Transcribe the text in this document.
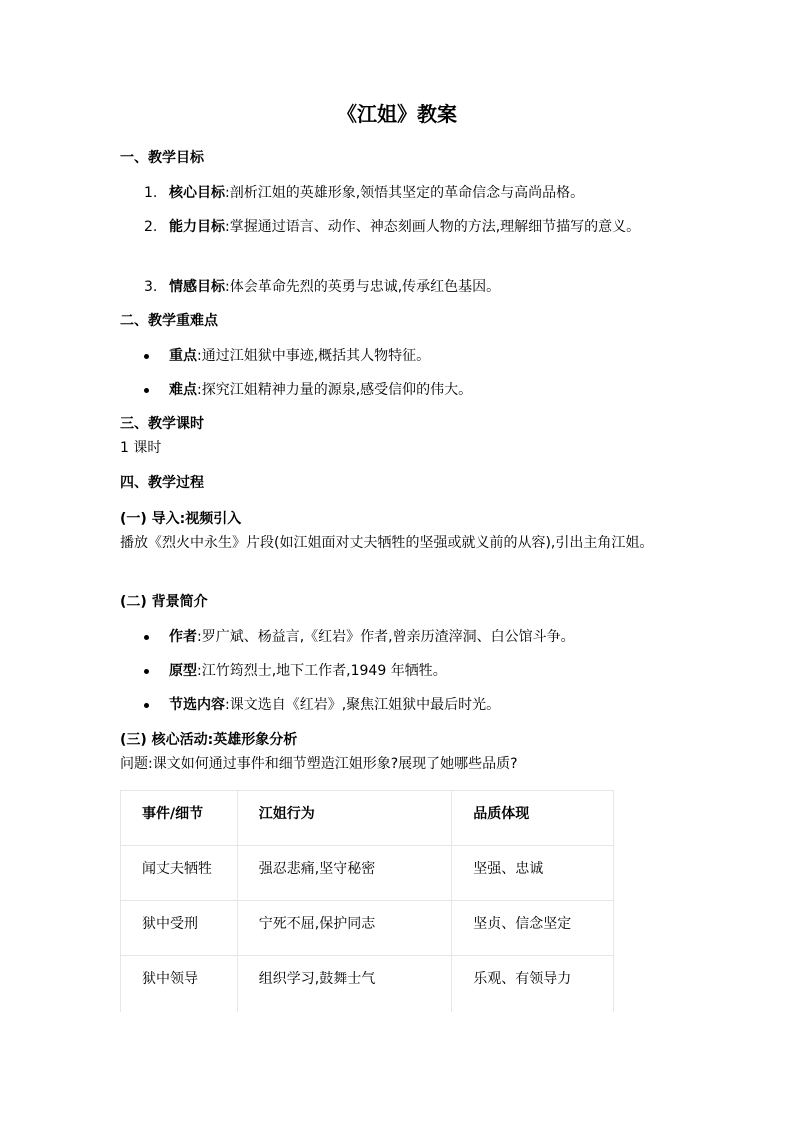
《江姐》教案
一、教学目标
1. 核心目标:剖析江姐的英雄形象,领悟其坚定的革命信念与高尚品格。
2. 能力目标:掌握通过语言、动作、神态刻画人物的方法,理解细节描写的意义。
3. 情感目标:体会革命先烈的英勇与忠诚,传承红色基因。
二、教学重难点
重点:通过江姐狱中事迹,概括其人物特征。
难点:探究江姐精神力量的源泉,感受信仰的伟大。
三、教学课时
1 课时
四、教学过程
(一) 导入:视频引入
播放《烈火中永生》片段(如江姐面对丈夫牺牲的坚强或就义前的从容),引出主角江姐。
(二) 背景简介
作者:罗广斌、杨益言,《红岩》作者,曾亲历渣滓洞、白公馆斗争。
原型:江竹筠烈士,地下工作者,1949 年牺牲。
节选内容:课文选自《红岩》,聚焦江姐狱中最后时光。
(三) 核心活动:英雄形象分析
问题:课文如何通过事件和细节塑造江姐形象?展现了她哪些品质?
事件/细节	江姐行为	品质体现
闻丈夫牺牲	强忍悲痛,坚守秘密	坚强、忠诚
狱中受刑	宁死不屈,保护同志	坚贞、信念坚定
狱中领导	组织学习,鼓舞士气	乐观、有领导力
